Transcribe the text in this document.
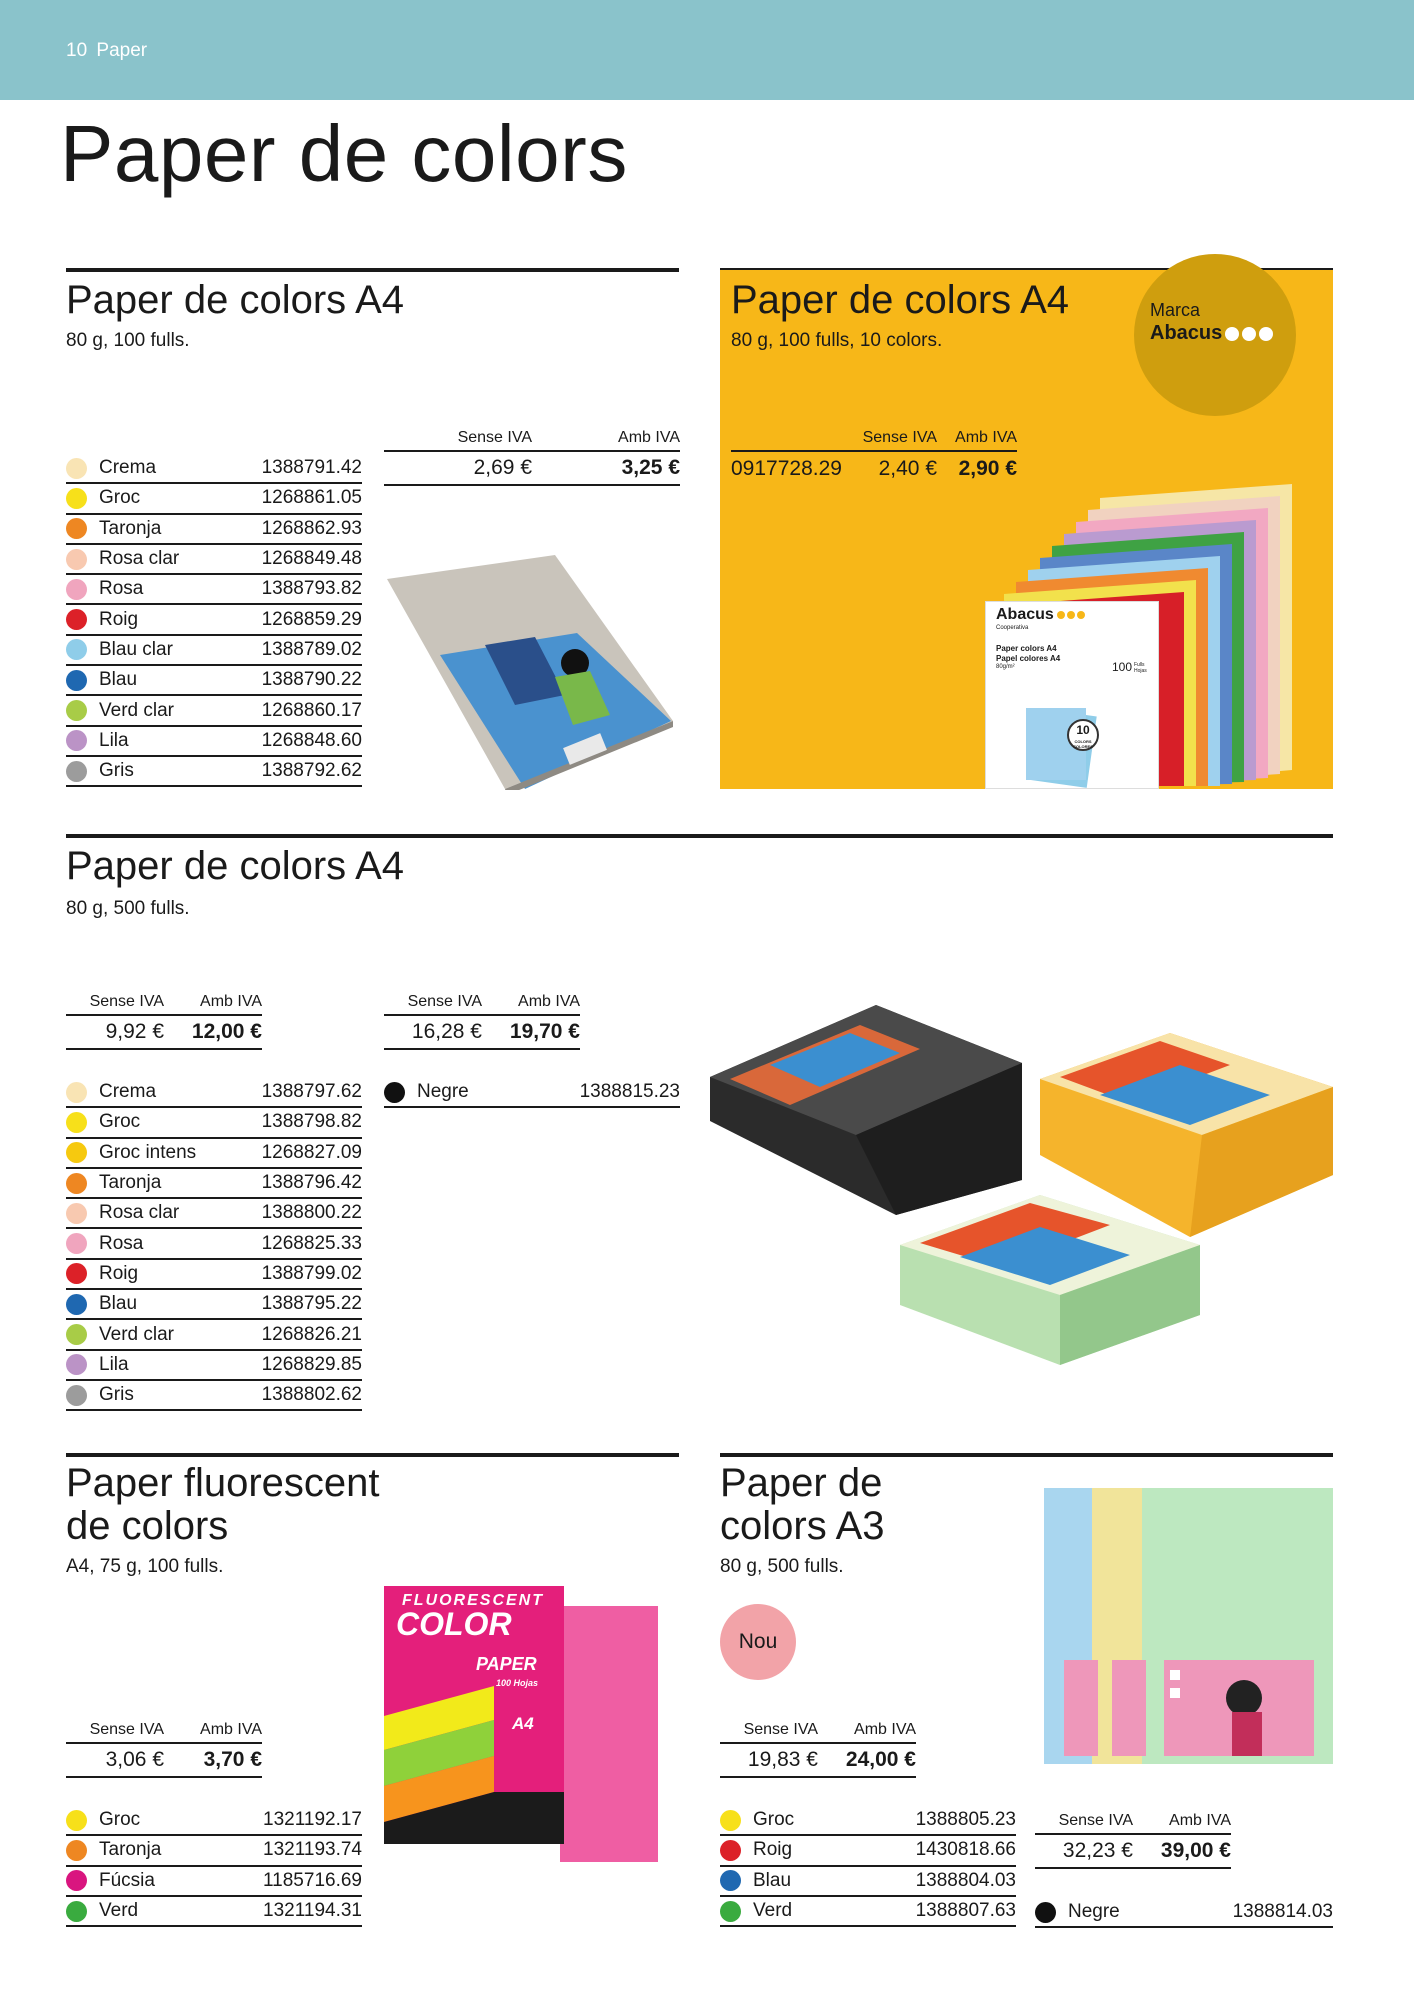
10 Paper
Paper de colors
Paper de colors A4
80 g, 100 fulls.
Sense IVA	Amb IVA
2,69 €	3,25 €
Crema	1388791.42
Groc	1268861.05
Taronja	1268862.93
Rosa clar	1268849.48
Rosa	1388793.82
Roig	1268859.29
Blau clar	1388789.02
Blau	1388790.22
Verd clar	1268860.17
Lila	1268848.60
Gris	1388792.62
Paper de colors A4
80 g, 100 fulls, 10 colors.
Marca
Abacus
Sense IVA	Amb IVA
0917728.29	2,40 €	2,90 €
Abacus
Cooperativa
Paper colors A4
Papel colores A4
80g/m²	100 Fulls Hojas
10
COLORS COLORES
Paper de colors A4
80 g, 500 fulls.
Sense IVA	Amb IVA
9,92 €	12,00 €
Sense IVA	Amb IVA
16,28 €	19,70 €
Crema	1388797.62
Groc	1388798.82
Groc intens	1268827.09
Taronja	1388796.42
Rosa clar	1388800.22
Rosa	1268825.33
Roig	1388799.02
Blau	1388795.22
Verd clar	1268826.21
Lila	1268829.85
Gris	1388802.62
Negre	1388815.23
Paper fluorescent
de colors
A4, 75 g, 100 fulls.
Sense IVA	Amb IVA
3,06 €	3,70 €
Groc	1321192.17
Taronja	1321193.74
Fúcsia	1185716.69
Verd	1321194.31
FLUORESCENT
COLOR
PAPER
100 Hojas
A4
Paper de
colors A3
80 g, 500 fulls.
Nou
Sense IVA	Amb IVA
19,83 €	24,00 €
Groc	1388805.23
Roig	1430818.66
Blau	1388804.03
Verd	1388807.63
Sense IVA	Amb IVA
32,23 €	39,00 €
Negre	1388814.03
